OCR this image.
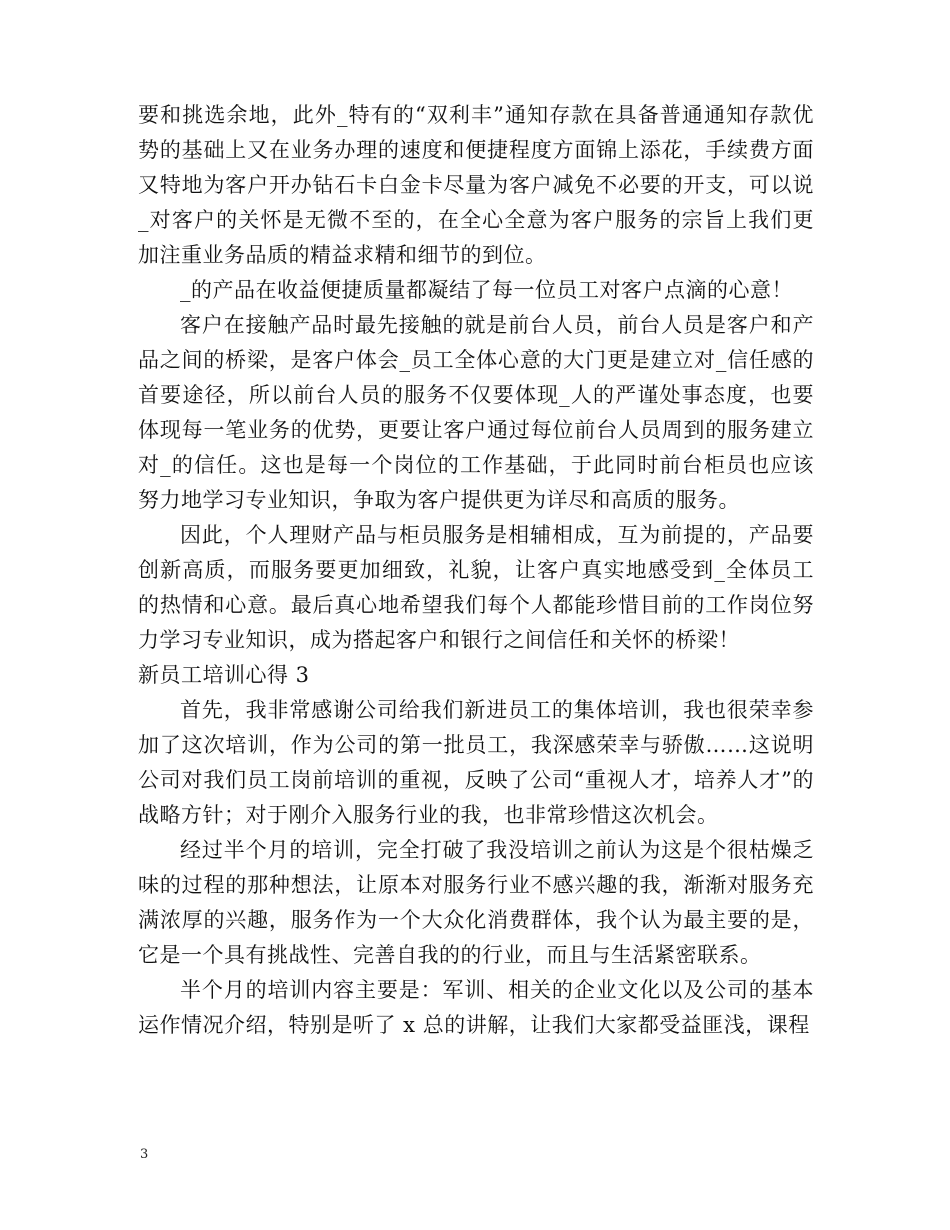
要和挑选余地，此外_特有的“双利丰”通知存款在具备普通通知存款优势的基础上又在业务办理的速度和便捷程度方面锦上添花，手续费方面又特地为客户开办钻石卡白金卡尽量为客户减免不必要的开支，可以说_对客户的关怀是无微不至的，在全心全意为客户服务的宗旨上我们更加注重业务品质的精益求精和细节的到位。

_的产品在收益便捷质量都凝结了每一位员工对客户点滴的心意！

客户在接触产品时最先接触的就是前台人员，前台人员是客户和产品之间的桥梁，是客户体会_员工全体心意的大门更是建立对_信任感的首要途径，所以前台人员的服务不仅要体现_人的严谨处事态度，也要体现每一笔业务的优势，更要让客户通过每位前台人员周到的服务建立对_的信任。这也是每一个岗位的工作基础，于此同时前台柜员也应该努力地学习专业知识，争取为客户提供更为详尽和高质的服务。

因此，个人理财产品与柜员服务是相辅相成，互为前提的，产品要创新高质，而服务要更加细致，礼貌，让客户真实地感受到_全体员工的热情和心意。最后真心地希望我们每个人都能珍惜目前的工作岗位努力学习专业知识，成为搭起客户和银行之间信任和关怀的桥梁！

新员工培训心得 3

首先，我非常感谢公司给我们新进员工的集体培训，我也很荣幸参加了这次培训，作为公司的第一批员工，我深感荣幸与骄傲……这说明公司对我们员工岗前培训的重视，反映了公司“重视人才，培养人才”的战略方针；对于刚介入服务行业的我，也非常珍惜这次机会。

经过半个月的培训，完全打破了我没培训之前认为这是个很枯燥乏味的过程的那种想法，让原本对服务行业不感兴趣的我，渐渐对服务充满浓厚的兴趣，服务作为一个大众化消费群体，我个认为最主要的是，它是一个具有挑战性、完善自我的的行业，而且与生活紧密联系。

半个月的培训内容主要是：军训、相关的企业文化以及公司的基本运作情况介绍，特别是听了 x 总的讲解，让我们大家都受益匪浅，课程

3
